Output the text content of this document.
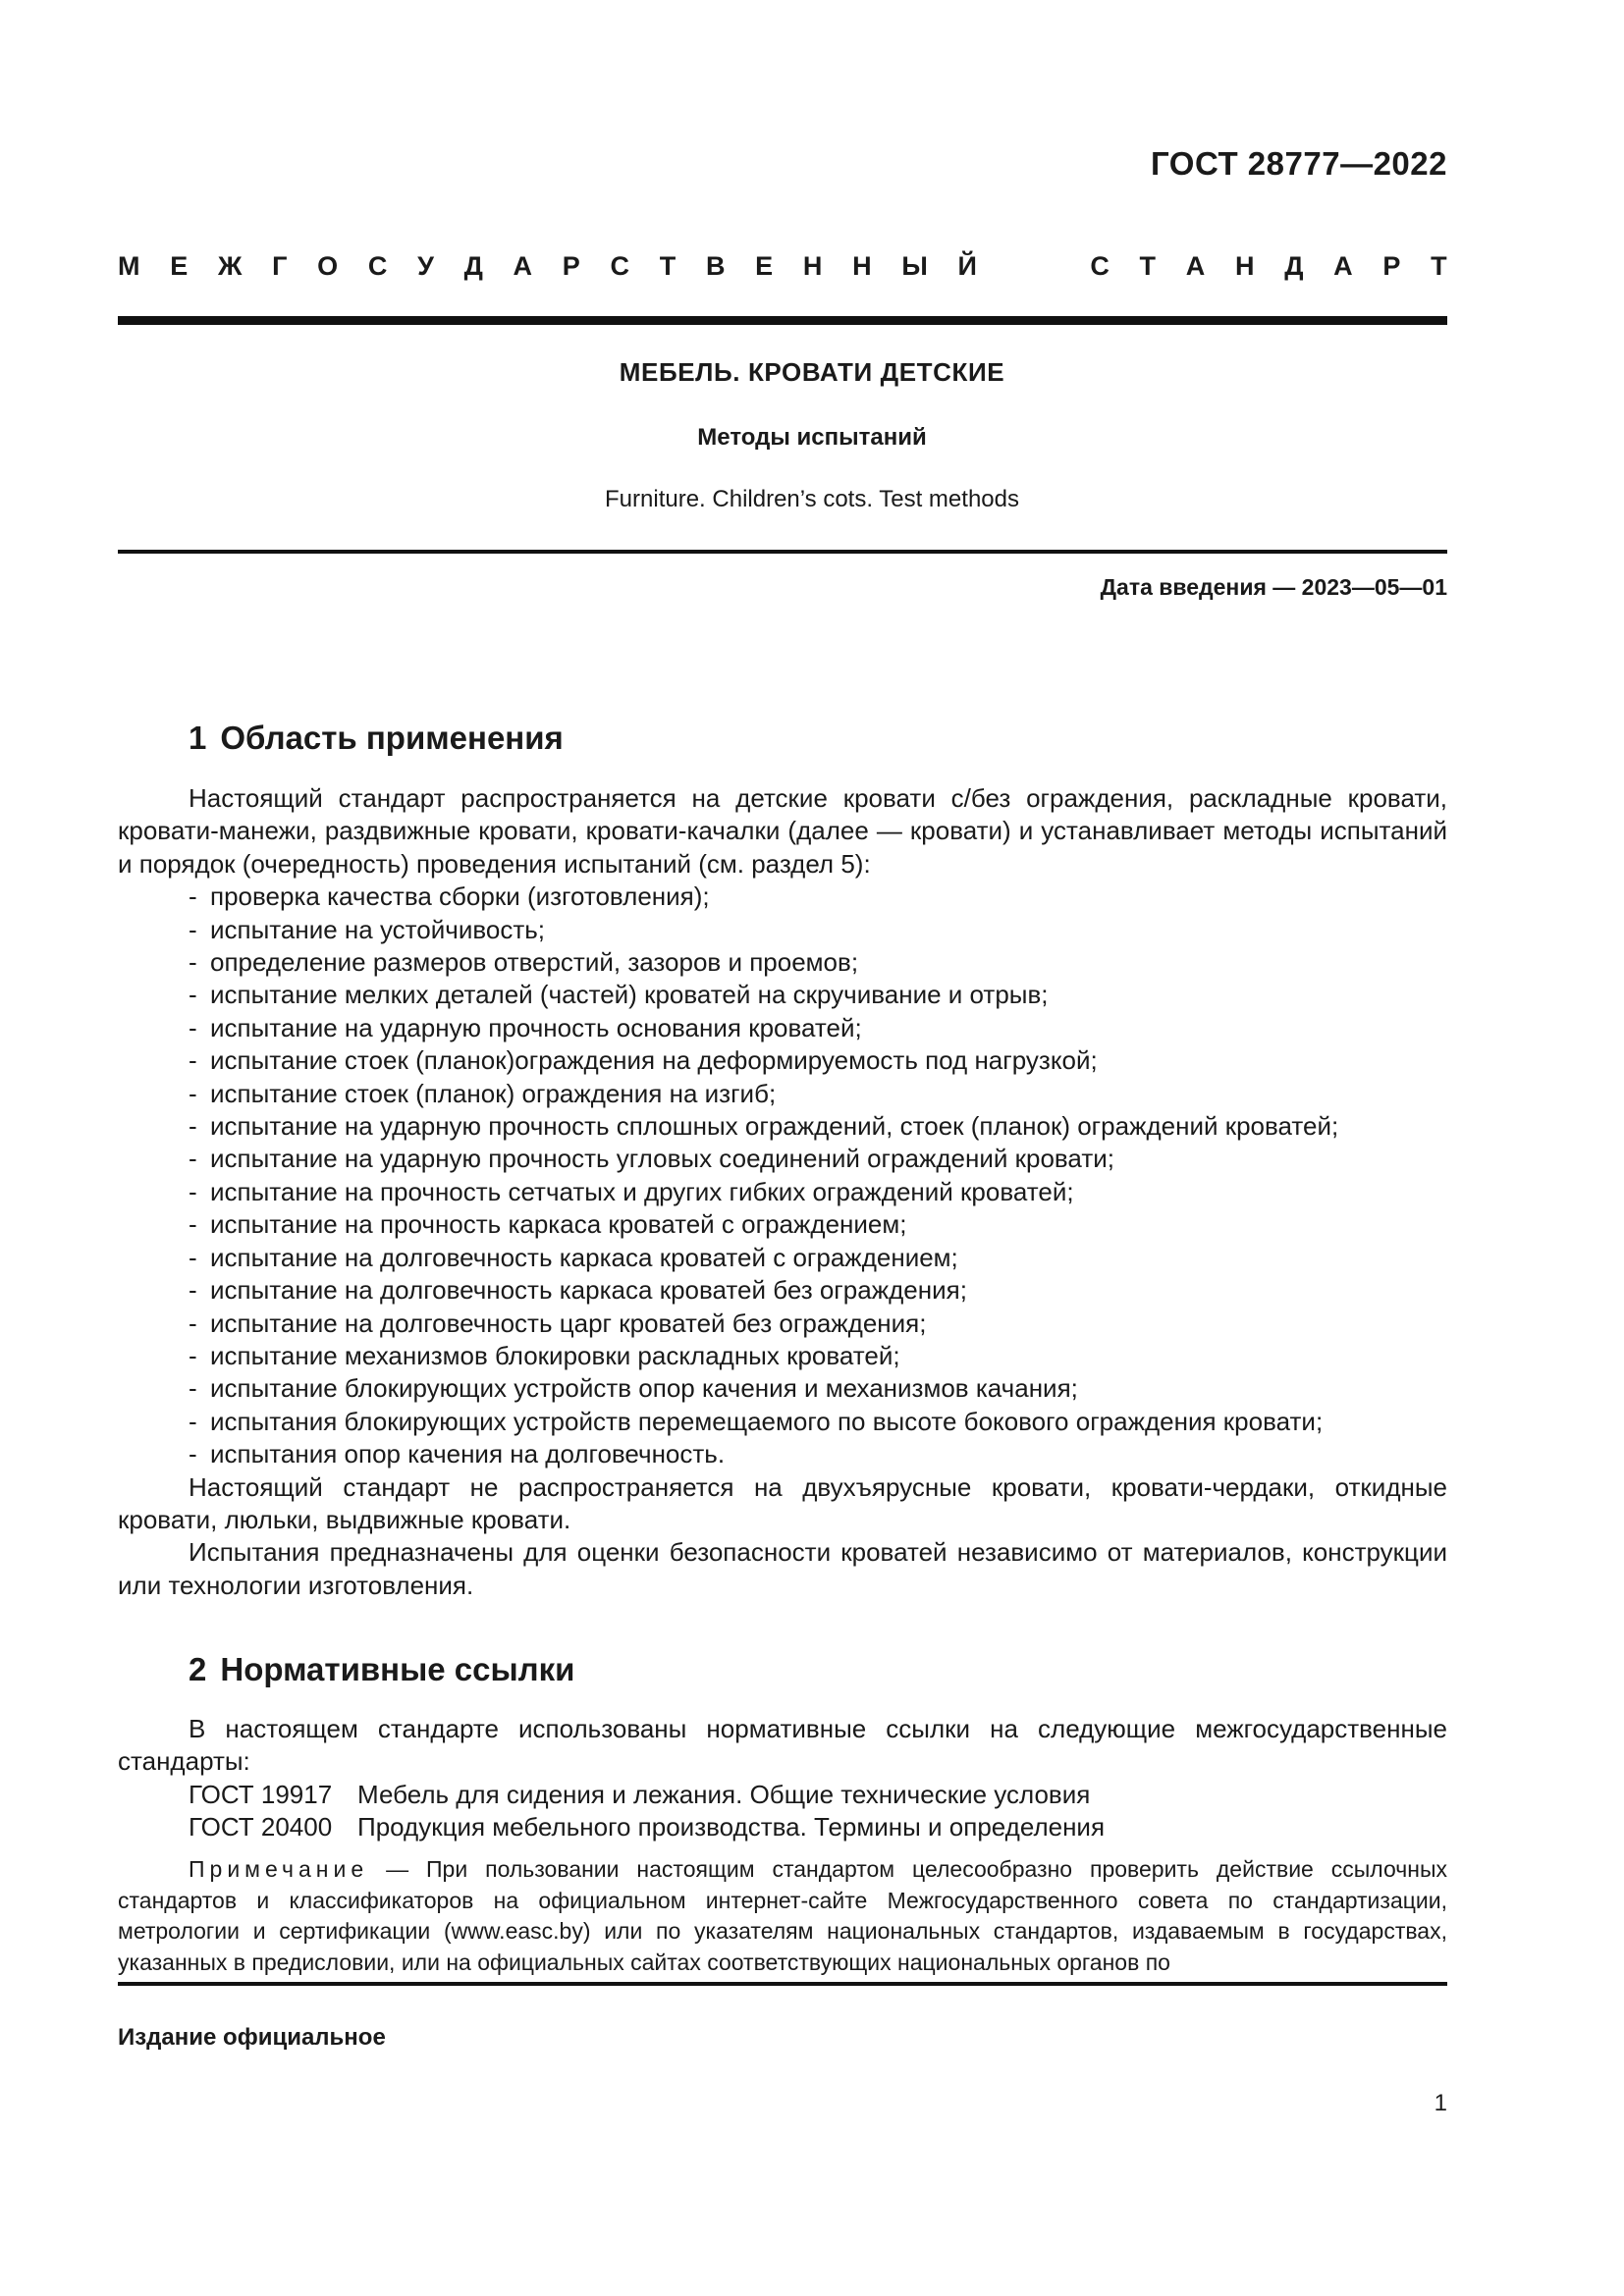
ГОСТ 28777—2022
М Е Ж Г О С У Д А Р С Т В Е Н Н Ы Й	С Т А Н Д А Р Т
МЕБЕЛЬ. КРОВАТИ ДЕТСКИЕ
Методы испытаний
Furniture. Children’s cots. Test methods
Дата введения — 2023—05—01
1 Область применения

Настоящий стандарт распространяется на детские кровати с/без ограждения, раскладные кровати, кровати-манежи, раздвижные кровати, кровати-качалки (далее — кровати) и устанавливает методы испытаний и порядок (очередность) проведения испытаний (см. раздел 5):

- проверка качества сборки (изготовления);
- испытание на устойчивость;
- определение размеров отверстий, зазоров и проемов;
- испытание мелких деталей (частей) кроватей на скручивание и отрыв;
- испытание на ударную прочность основания кроватей;
- испытание стоек (планок)ограждения на деформируемость под нагрузкой;
- испытание стоек (планок) ограждения на изгиб;
- испытание на ударную прочность сплошных ограждений, стоек (планок) ограждений кроватей;
- испытание на ударную прочность угловых соединений ограждений кровати;
- испытание на прочность сетчатых и других гибких ограждений кроватей;
- испытание на прочность каркаса кроватей с ограждением;
- испытание на долговечность каркаса кроватей с ограждением;
- испытание на долговечность каркаса кроватей без ограждения;
- испытание на долговечность царг кроватей без ограждения;
- испытание механизмов блокировки раскладных кроватей;
- испытание блокирующих устройств опор качения и механизмов качания;
- испытания блокирующих устройств перемещаемого по высоте бокового ограждения кровати;
- испытания опор качения на долговечность.

Настоящий стандарт не распространяется на двухъярусные кровати, кровати-чердаки, откидные кровати, люльки, выдвижные кровати.

Испытания предназначены для оценки безопасности кроватей независимо от материалов, конструкции или технологии изготовления.

2 Нормативные ссылки

В настоящем стандарте использованы нормативные ссылки на следующие межгосударственные стандарты:

ГОСТ 19917 Мебель для сидения и лежания. Общие технические условия
ГОСТ 20400 Продукция мебельного производства. Термины и определения

Примечание — При пользовании настоящим стандартом целесообразно проверить действие ссылочных стандартов и классификаторов на официальном интернет-сайте Межгосударственного совета по стандартизации, метрологии и сертификации (www.easc.by) или по указателям национальных стандартов, издаваемым в государствах, указанных в предисловии, или на официальных сайтах соответствующих национальных органов по

Издание официальное
1
